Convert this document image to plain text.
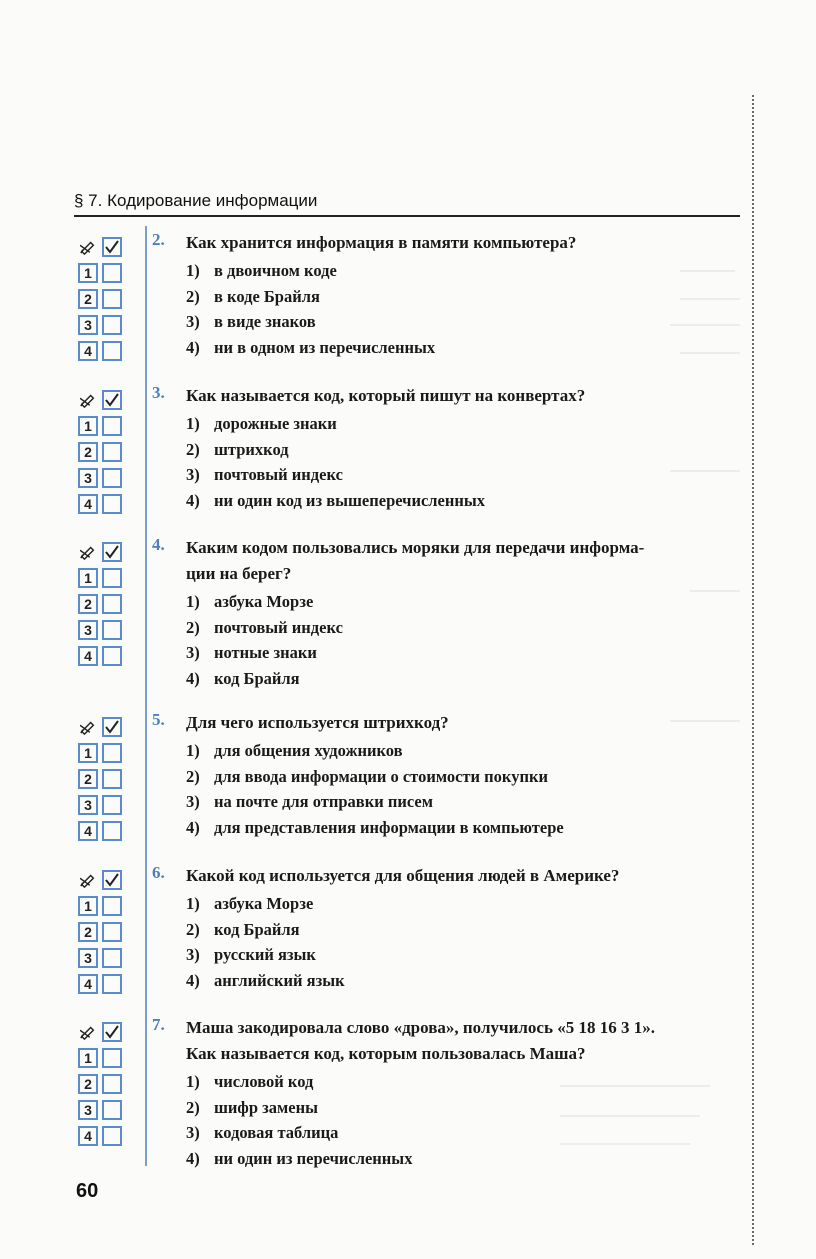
§ 7. Кодирование информации
1
2
3
4
2. Как хранится информация в памяти компьютера?
1) в двоичном коде
2) в коде Брайля
3) в виде знаков
4) ни в одном из перечисленных
1
2
3
4
3. Как называется код, который пишут на конвертах?
1) дорожные знаки
2) штрихкод
3) почтовый индекс
4) ни один код из вышеперечисленных
1
2
3
4
4. Каким кодом пользовались моряки для передачи информа-
ции на берег?
1) азбука Морзе
2) почтовый индекс
3) нотные знаки
4) код Брайля
1
2
3
4
5. Для чего используется штрихкод?
1) для общения художников
2) для ввода информации о стоимости покупки
3) на почте для отправки писем
4) для представления информации в компьютере
1
2
3
4
6. Какой код используется для общения людей в Америке?
1) азбука Морзе
2) код Брайля
3) русский язык
4) английский язык
1
2
3
4
7. Маша закодировала слово «дрова», получилось «5 18 16 3 1».
Как называется код, которым пользовалась Маша?
1) числовой код
2) шифр замены
3) кодовая таблица
4) ни один из перечисленных
60
